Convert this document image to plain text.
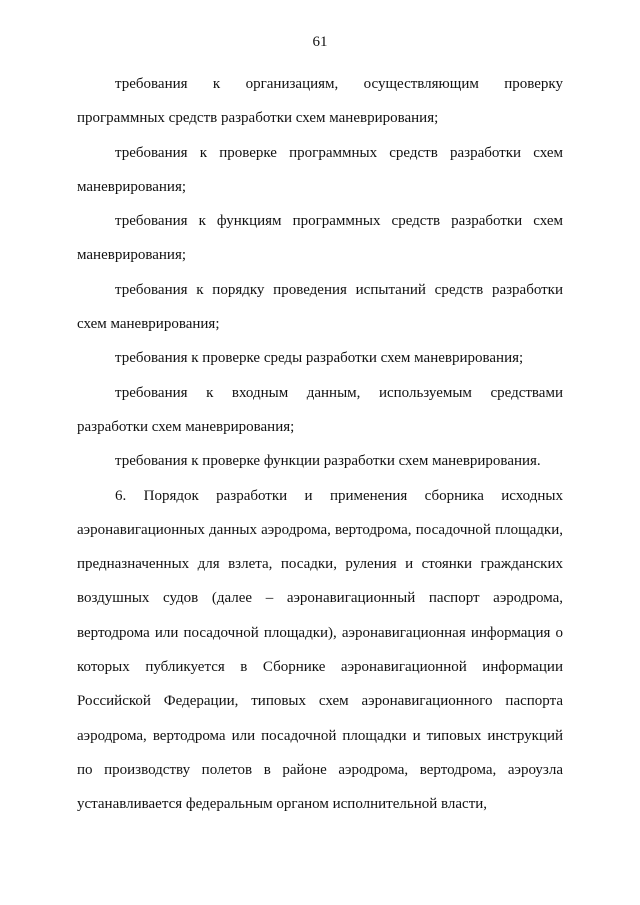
61

требования к организациям, осуществляющим проверку программных средств разработки схем маневрирования;

требования к проверке программных средств разработки схем маневрирования;

требования к функциям программных средств разработки схем маневрирования;

требования к порядку проведения испытаний средств разработки схем маневрирования;

требования к проверке среды разработки схем маневрирования;

требования к входным данным, используемым средствами разработки схем маневрирования;

требования к проверке функции разработки схем маневрирования.

6. Порядок разработки и применения сборника исходных аэронавигационных данных аэродрома, вертодрома, посадочной площадки, предназначенных для взлета, посадки, руления и стоянки гражданских воздушных судов (далее – аэронавигационный паспорт аэродрома, вертодрома или посадочной площадки), аэронавигационная информация о которых публикуется в Сборнике аэронавигационной информации Российской Федерации, типовых схем аэронавигационного паспорта аэродрома, вертодрома или посадочной площадки и типовых инструкций по производству полетов в районе аэродрома, вертодрома, аэроузла устанавливается федеральным органом исполнительной власти,
